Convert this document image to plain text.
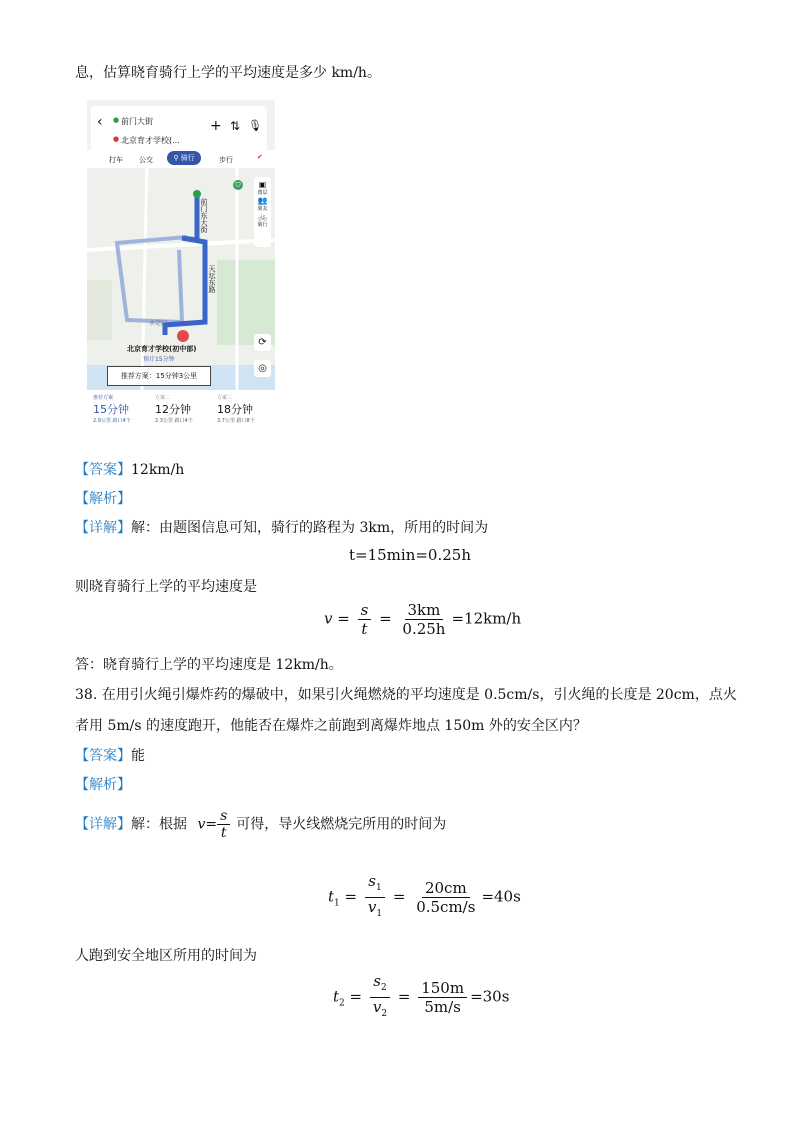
息，估算晓育骑行上学的平均速度是多少 km/h。
‹ ● 前门大街
● 北京育才学校(...
+ ⇅ 🎙
打车 公交	⚲ 骑行	步行	✔
▣
图层
👥
骑友
🚲
骑行
⛉
前门东大街
天坛东路
永定门
北京育才学校(初中部)
预计15分钟
⟳
◎
推荐方案：15分钟3公里
推荐方案
15分钟
2.9公里 路口4个
方案二
12分钟
2.3公里 路口4个
方案三
18分钟
3.7公里 路口8个
【答案】12km/h
【解析】
【详解】解：由题图信息可知，骑行的路程为 3km，所用的时间为
t=15min=0.25h
则晓育骑行上学的平均速度是
$v = \frac{s}{t} = \frac{3km}{0.25h} =12km/h$
答：晓育骑行上学的平均速度是 12km/h。
38. 在用引火绳引爆炸药的爆破中，如果引火绳燃烧的平均速度是 0.5cm/s，引火绳的长度是 20cm，点火
者用 5m/s 的速度跑开，他能否在爆炸之前跑到离爆炸地点 150m 外的安全区内？
【答案】能
【解析】
【详解】解：根据 $v= \frac{s}{t}$ 可得，导火线燃烧完所用的时间为
$t_1 = \frac{s_1}{v_1} = \frac{20cm}{0.5cm/s} =40s$
人跑到安全地区所用的时间为
$t_2 = \frac{s_2}{v_2} = \frac{150m}{5m/s} =30s$
